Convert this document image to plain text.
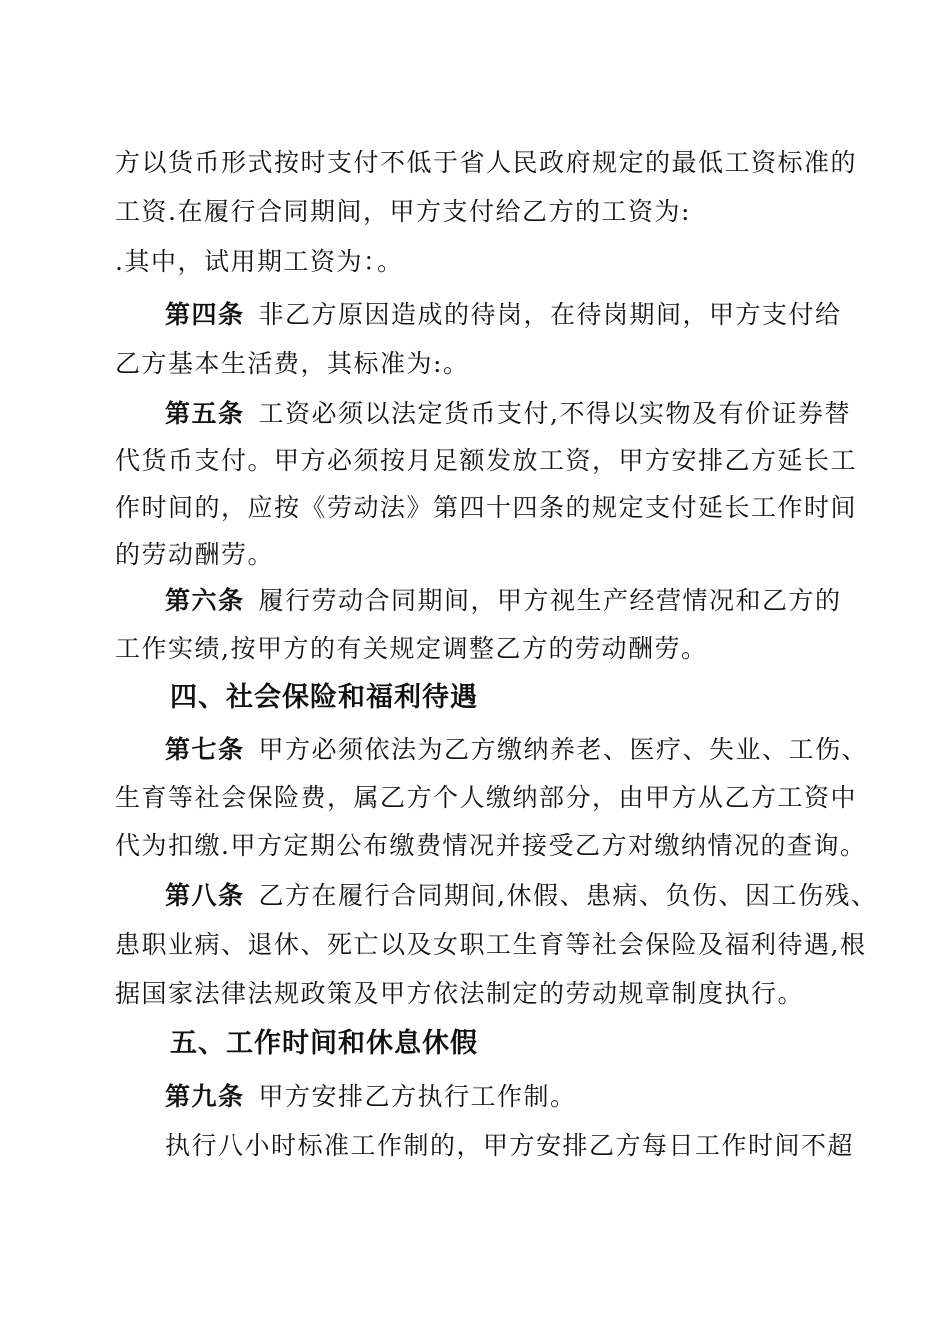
方以货币形式按时支付不低于省人民政府规定的最低工资标准的
工资.在履行合同期间，甲方支付给乙方的工资为:
.其中，试用期工资为：。
第四条 非乙方原因造成的待岗，在待岗期间，甲方支付给
乙方基本生活费，其标准为:。
第五条 工资必须以法定货币支付,不得以实物及有价证券替
代货币支付。甲方必须按月足额发放工资，甲方安排乙方延长工
作时间的，应按《劳动法》第四十四条的规定支付延长工作时间
的劳动酬劳。
第六条 履行劳动合同期间，甲方视生产经营情况和乙方的
工作实绩,按甲方的有关规定调整乙方的劳动酬劳。
四、社会保险和福利待遇
第七条 甲方必须依法为乙方缴纳养老、医疗、失业、工伤、
生育等社会保险费，属乙方个人缴纳部分，由甲方从乙方工资中
代为扣缴.甲方定期公布缴费情况并接受乙方对缴纳情况的查询。
第八条 乙方在履行合同期间,休假、患病、负伤、因工伤残、
患职业病、退休、死亡以及女职工生育等社会保险及福利待遇,根
据国家法律法规政策及甲方依法制定的劳动规章制度执行。
五、工作时间和休息休假
第九条 甲方安排乙方执行工作制。
执行八小时标准工作制的，甲方安排乙方每日工作时间不超
